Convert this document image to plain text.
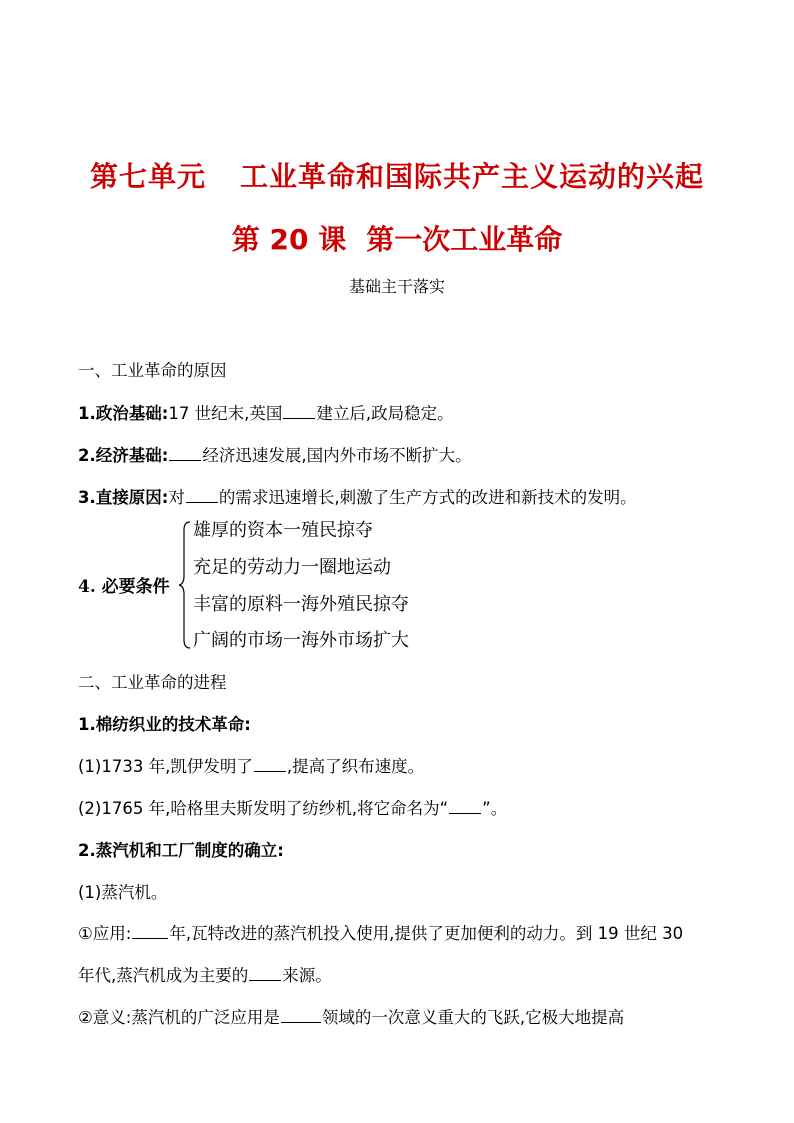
第七单元 工业革命和国际共产主义运动的兴起
第 20 课 第一次工业革命
基础主干落实
一、工业革命的原因
1.政治基础:17 世纪末,英国 建立后,政局稳定。
2.经济基础: 经济迅速发展,国内外市场不断扩大。
3.直接原因:对 的需求迅速增长,刺激了生产方式的改进和新技术的发明。
4. 必要条件
雄厚的资本一殖民掠夺
充足的劳动力一圈地运动
丰富的原料一海外殖民掠夺
广阔的市场一海外市场扩大
二、工业革命的进程
1.棉纺织业的技术革命:
(1)1733 年,凯伊发明了 ,提高了织布速度。
(2)1765 年,哈格里夫斯发明了纺纱机,将它命名为“ ”。
2.蒸汽机和工厂制度的确立:
(1)蒸汽机。
①应用: 年,瓦特改进的蒸汽机投入使用,提供了更加便利的动力。到 19 世纪 30
年代,蒸汽机成为主要的 来源。
②意义:蒸汽机的广泛应用是	领域的一次意义重大的飞跃,它极大地提高
